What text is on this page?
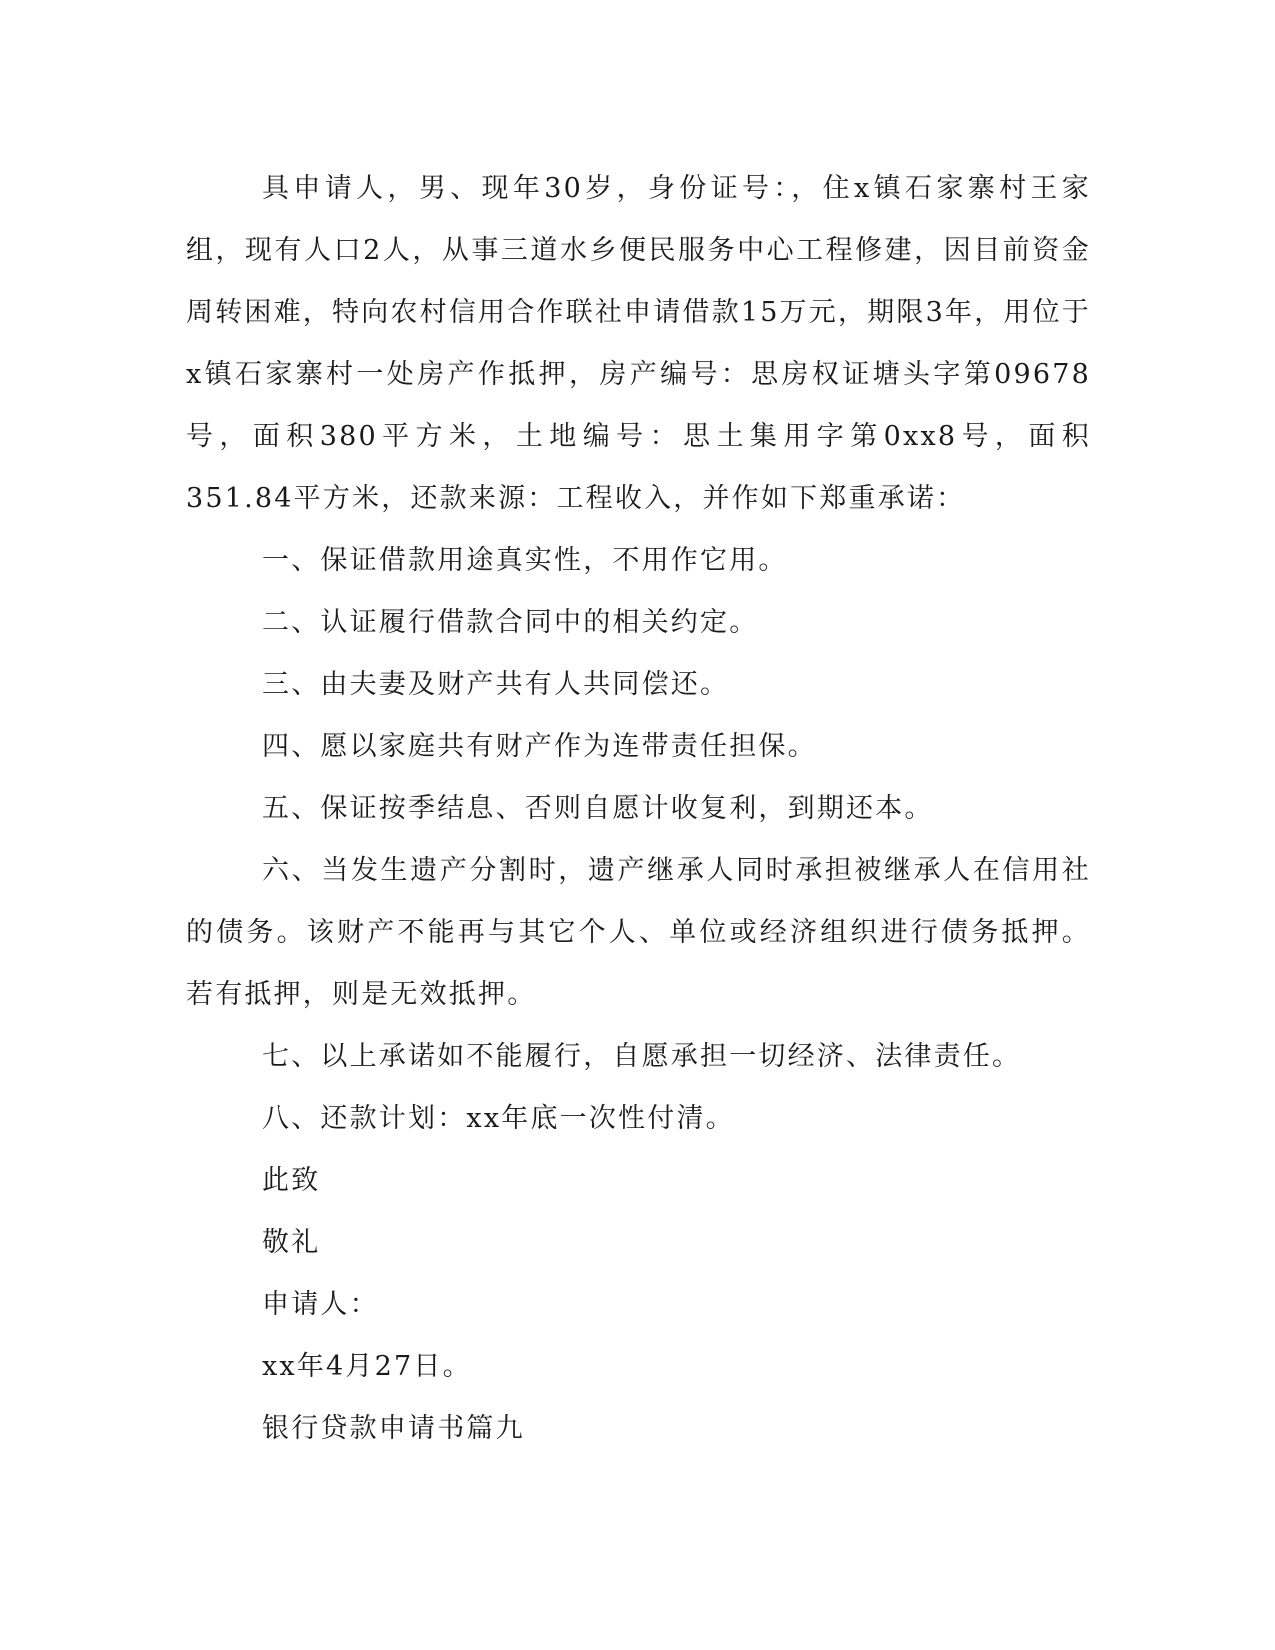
具申请人，男、现年30岁，身份证号：，住x镇石家寨村王家组，现有人口2人，从事三道水乡便民服务中心工程修建，因目前资金周转困难，特向农村信用合作联社申请借款15万元，期限3年，用位于x镇石家寨村一处房产作抵押，房产编号：思房权证塘头字第09678号，面积380平方米，土地编号：思土集用字第0xx8号，面积351.84平方米，还款来源：工程收入，并作如下郑重承诺：

一、保证借款用途真实性，不用作它用。

二、认证履行借款合同中的相关约定。

三、由夫妻及财产共有人共同偿还。

四、愿以家庭共有财产作为连带责任担保。

五、保证按季结息、否则自愿计收复利，到期还本。

六、当发生遗产分割时，遗产继承人同时承担被继承人在信用社的债务。该财产不能再与其它个人、单位或经济组织进行债务抵押。若有抵押，则是无效抵押。

七、以上承诺如不能履行，自愿承担一切经济、法律责任。

八、还款计划：xx年底一次性付清。

此致

敬礼

申请人：

xx年4月27日。

银行贷款申请书篇九
